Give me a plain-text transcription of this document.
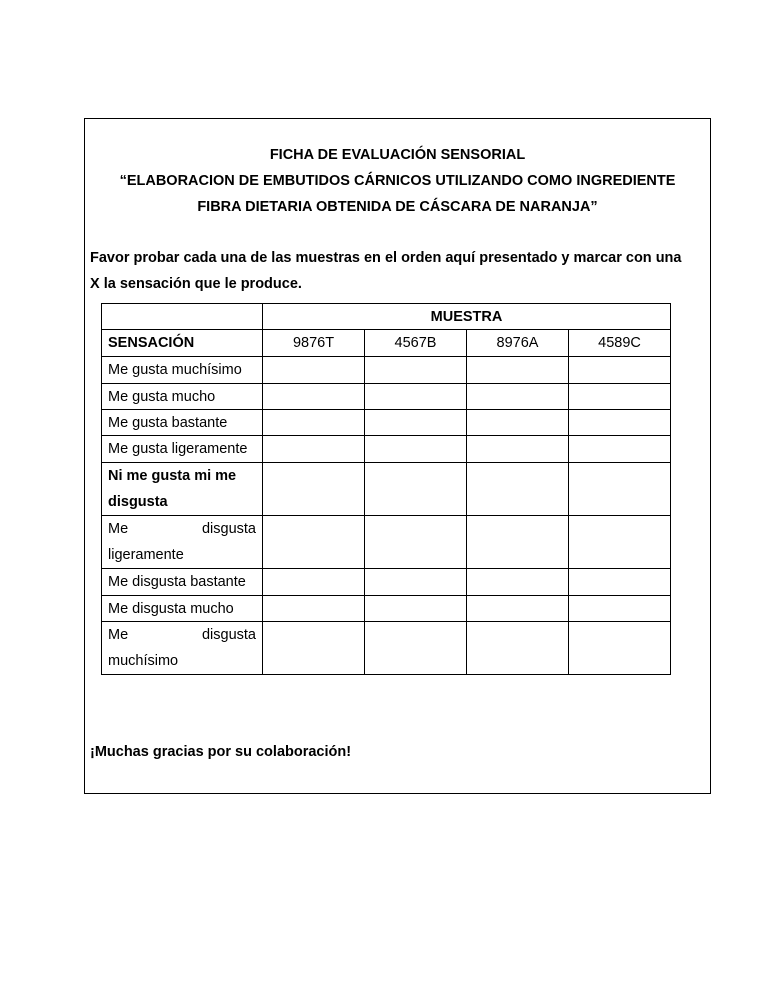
FICHA DE EVALUACIÓN SENSORIAL
“ELABORACION DE EMBUTIDOS CÁRNICOS UTILIZANDO COMO INGREDIENTE
FIBRA DIETARIA OBTENIDA DE CÁSCARA DE NARANJA”
Favor probar cada una de las muestras en el orden aquí presentado y marcar con una
X la sensación que le produce.
	MUESTRA			
SENSACIÓN	9876T	4567B	8976A	4589C
Me gusta muchísimo				
Me gusta mucho				
Me gusta bastante				
Me gusta ligeramente				

Ni me gusta mi me
disgusta				

Me disgusta
ligeramente				

Me disgusta bastante				
Me disgusta mucho				

Me disgusta
muchísimo				

¡Muchas gracias por su colaboración!
